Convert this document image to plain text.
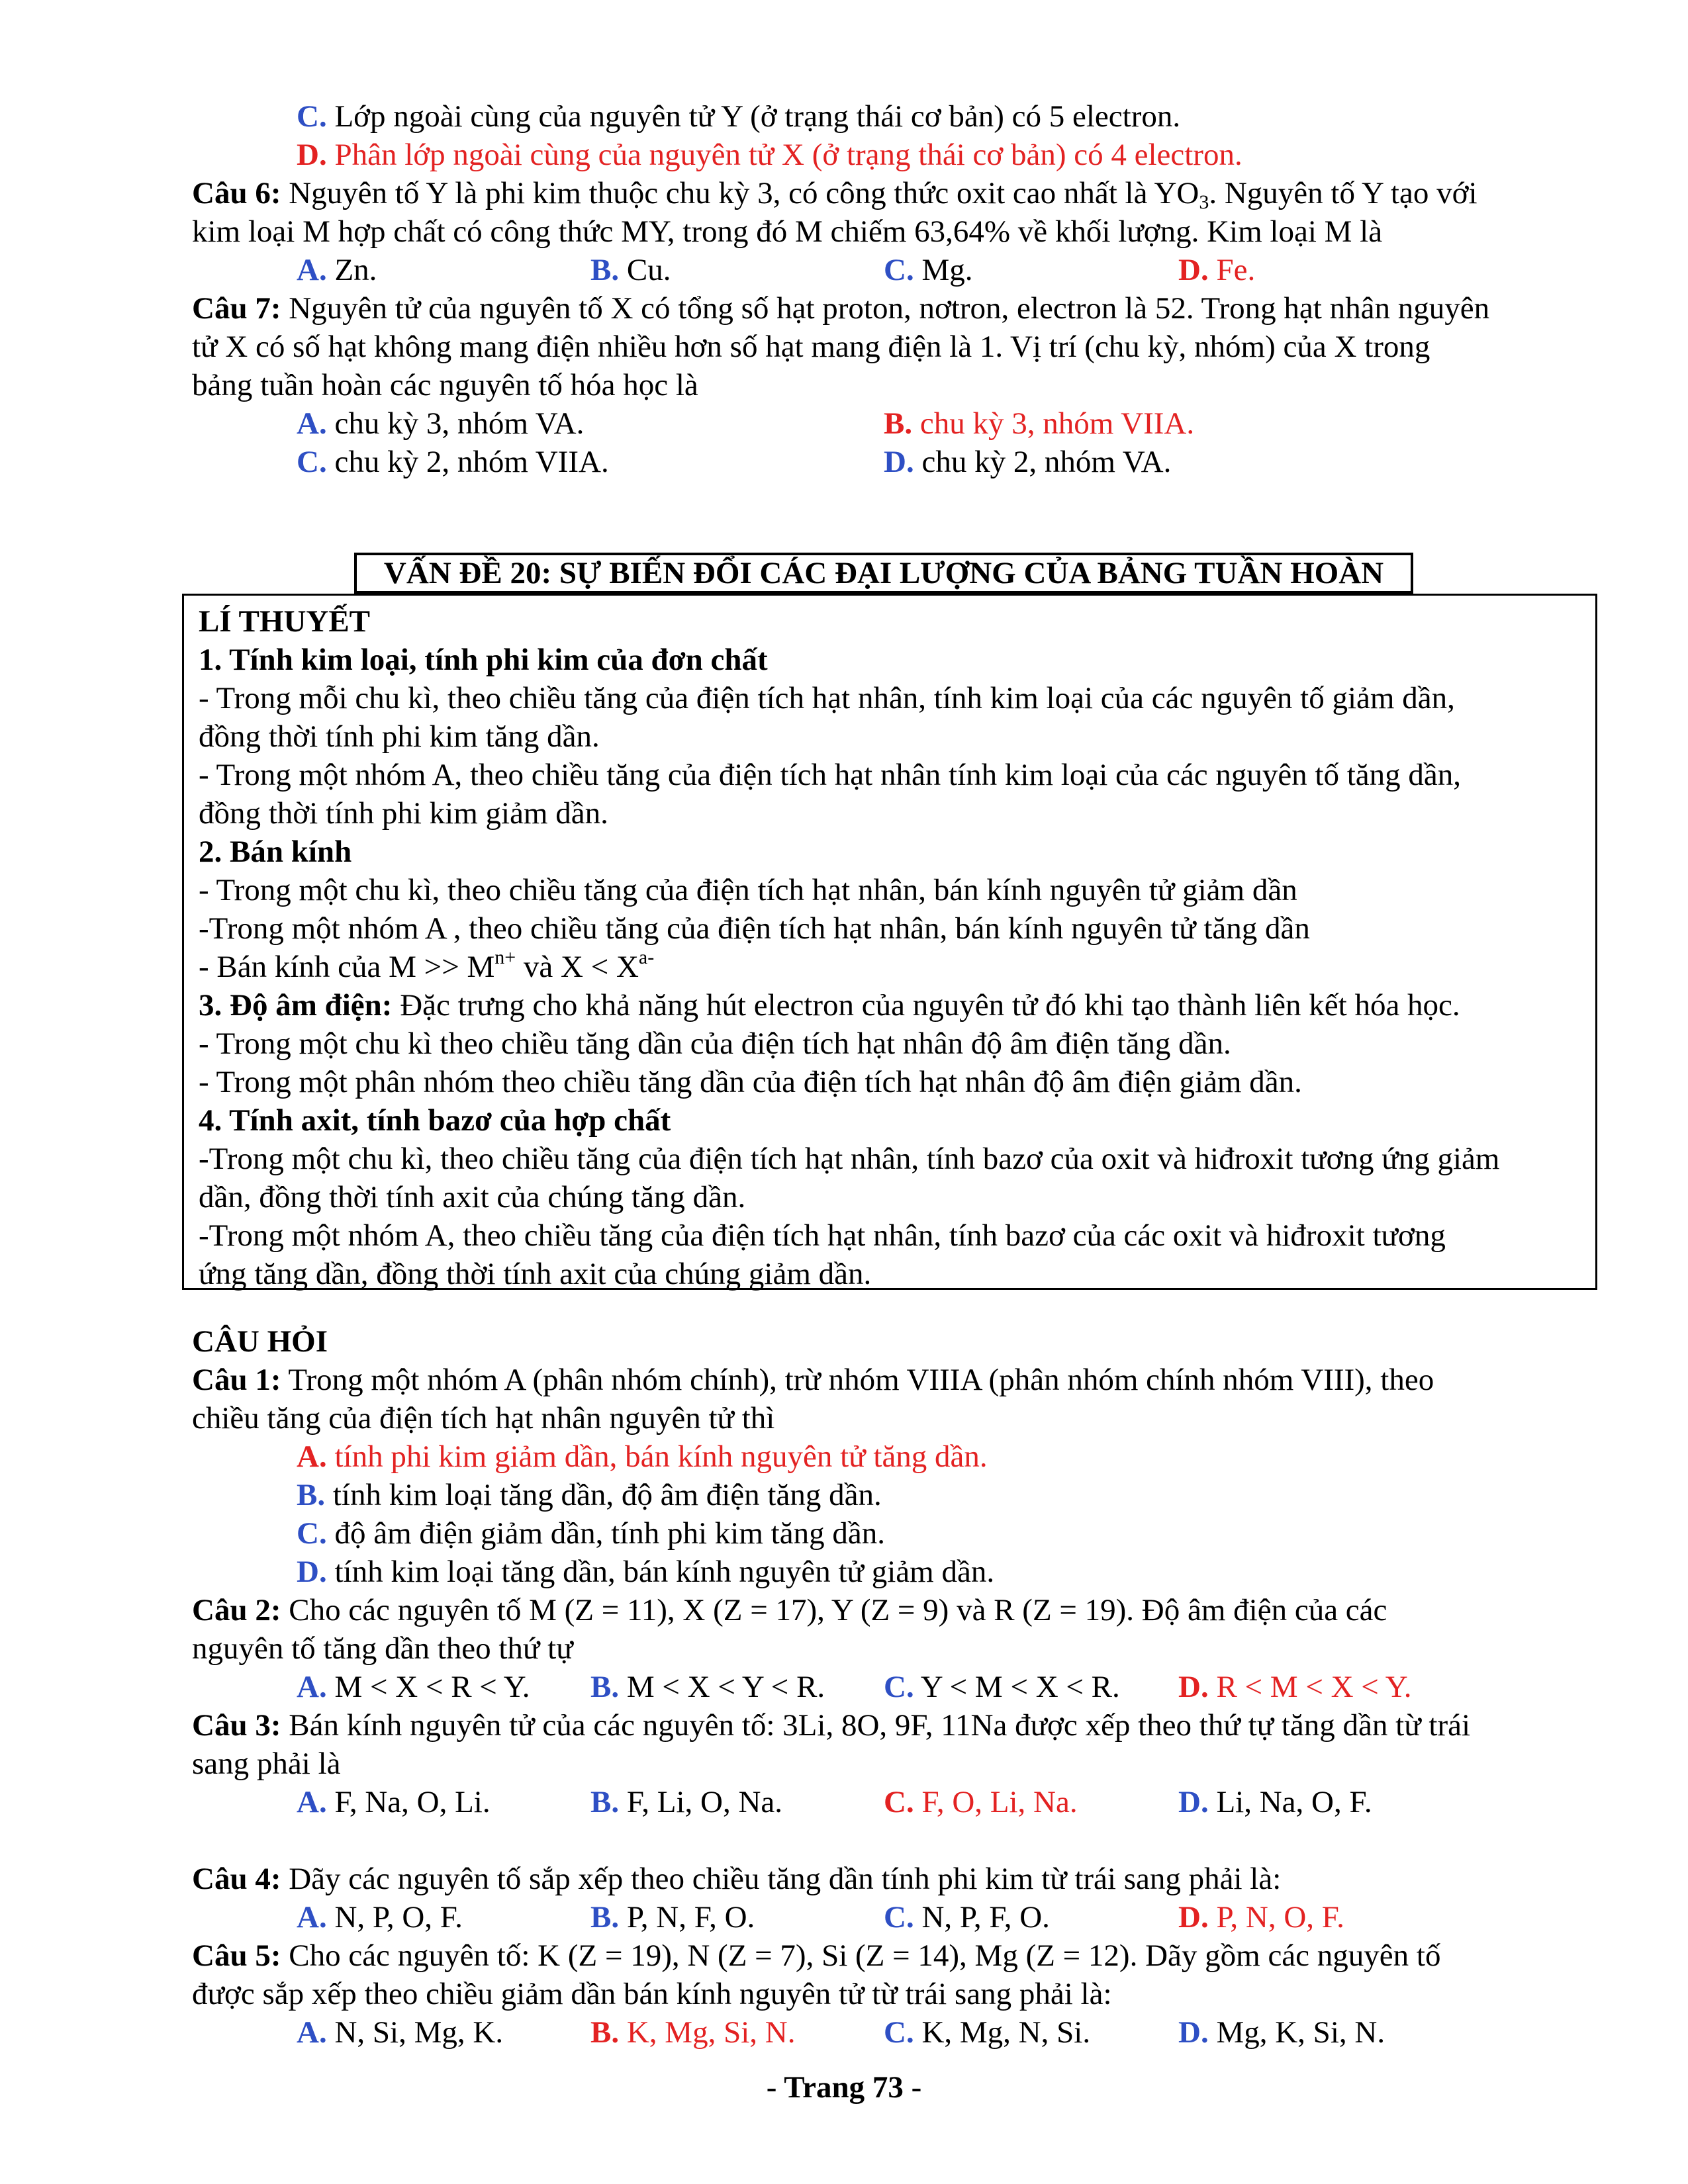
C. Lớp ngoài cùng của nguyên tử Y (ở trạng thái cơ bản) có 5 electron.
D. Phân lớp ngoài cùng của nguyên tử X (ở trạng thái cơ bản) có 4 electron.
Câu 6: Nguyên tố Y là phi kim thuộc chu kỳ 3, có công thức oxit cao nhất là $YO_3$. Nguyên tố Y tạo với
kim loại M hợp chất có công thức MY, trong đó M chiếm 63,64% về khối lượng. Kim loại M là
A. Zn.	B. Cu.	C. Mg.	D. Fe.
Câu 7: Nguyên tử của nguyên tố X có tổng số hạt proton, nơtron, electron là 52. Trong hạt nhân nguyên
tử X có số hạt không mang điện nhiều hơn số hạt mang điện là 1. Vị trí (chu kỳ, nhóm) của X trong
bảng tuần hoàn các nguyên tố hóa học là
A. chu kỳ 3, nhóm VA.	B. chu kỳ 3, nhóm VIIA.
C. chu kỳ 2, nhóm VIIA.	D. chu kỳ 2, nhóm VA.
VẤN ĐỀ 20: SỰ BIẾN ĐỔI CÁC ĐẠI LƯỢNG CỦA BẢNG TUẦN HOÀN
LÍ THUYẾT
1. Tính kim loại, tính phi kim của đơn chất
- Trong mỗi chu kì, theo chiều tăng của điện tích hạt nhân, tính kim loại của các nguyên tố giảm dần,
đồng thời tính phi kim tăng dần.
- Trong một nhóm A, theo chiều tăng của điện tích hạt nhân tính kim loại của các nguyên tố tăng dần,
đồng thời tính phi kim giảm dần.
2. Bán kính
- Trong một chu kì, theo chiều tăng của điện tích hạt nhân, bán kính nguyên tử giảm dần
-Trong một nhóm A , theo chiều tăng của điện tích hạt nhân, bán kính nguyên tử tăng dần
- Bán kính của $M >> M^{n+}$ và $X < X^{a-}$
3. Độ âm điện: Đặc trưng cho khả năng hút electron của nguyên tử đó khi tạo thành liên kết hóa học.
- Trong một chu kì theo chiều tăng dần của điện tích hạt nhân độ âm điện tăng dần.
- Trong một phân nhóm theo chiều tăng dần của điện tích hạt nhân độ âm điện giảm dần.
4. Tính axit, tính bazơ của hợp chất
-Trong một chu kì, theo chiều tăng của điện tích hạt nhân, tính bazơ của oxit và hiđroxit tương ứng giảm
dần, đồng thời tính axit của chúng tăng dần.
-Trong một nhóm A, theo chiều tăng của điện tích hạt nhân, tính bazơ của các oxit và hiđroxit tương
ứng tăng dần, đồng thời tính axit của chúng giảm dần.
CÂU HỎI
Câu 1: Trong một nhóm A (phân nhóm chính), trừ nhóm VIIIA (phân nhóm chính nhóm VIII), theo
chiều tăng của điện tích hạt nhân nguyên tử thì
A. tính phi kim giảm dần, bán kính nguyên tử tăng dần.
B. tính kim loại tăng dần, độ âm điện tăng dần.
C. độ âm điện giảm dần, tính phi kim tăng dần.
D. tính kim loại tăng dần, bán kính nguyên tử giảm dần.
Câu 2: Cho các nguyên tố M (Z = 11), X (Z = 17), Y (Z = 9) và R (Z = 19). Độ âm điện của các
nguyên tố tăng dần theo thứ tự
A. M < X < R < Y. B. M < X < Y < R. C. Y < M < X < R. D. R < M < X < Y.
Câu 3: Bán kính nguyên tử của các nguyên tố: 3Li, 8O, 9F, 11Na được xếp theo thứ tự tăng dần từ trái
sang phải là
A. F, Na, O, Li.	B. F, Li, O, Na.	C. F, O, Li, Na.	D. Li, Na, O, F.
Câu 4: Dãy các nguyên tố sắp xếp theo chiều tăng dần tính phi kim từ trái sang phải là:
A. N, P, O, F.	B. P, N, F, O.	C. N, P, F, O.	D. P, N, O, F.
Câu 5: Cho các nguyên tố: K (Z = 19), N (Z = 7), Si (Z = 14), Mg (Z = 12). Dãy gồm các nguyên tố
được sắp xếp theo chiều giảm dần bán kính nguyên tử từ trái sang phải là:
A. N, Si, Mg, K.	B. K, Mg, Si, N.	C. K, Mg, N, Si.	D. Mg, K, Si, N.
- Trang 73 -
